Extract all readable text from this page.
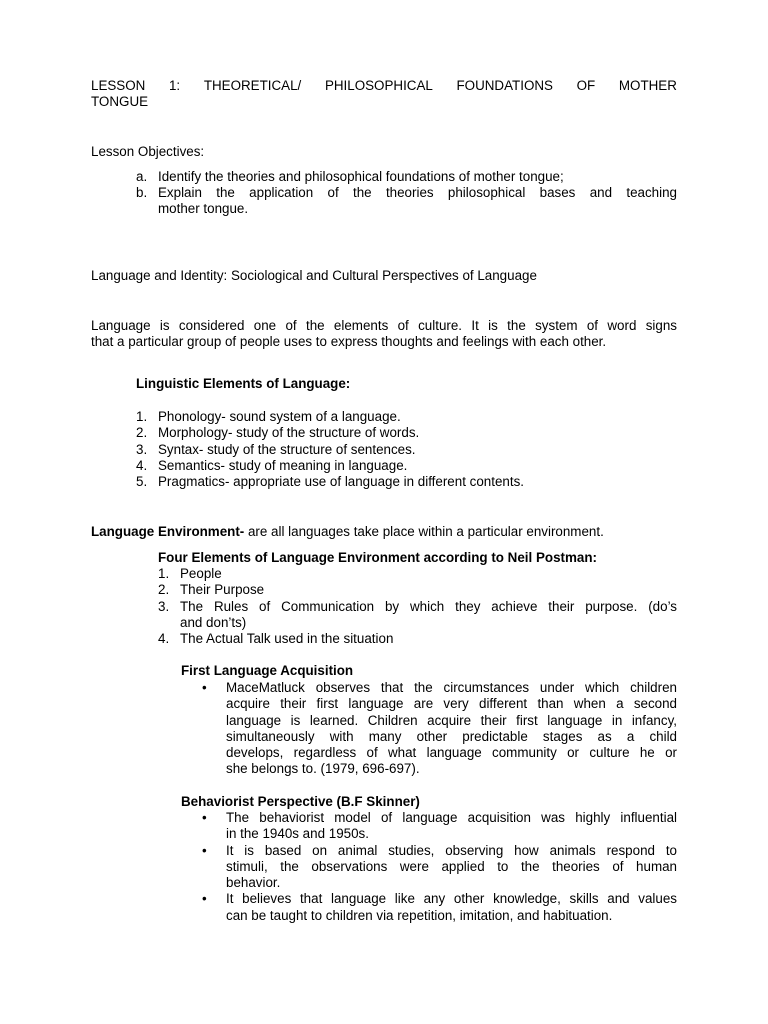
LESSON 1: THEORETICAL/ PHILOSOPHICAL FOUNDATIONS OF MOTHER
TONGUE
Lesson Objectives:
a. Identify the theories and philosophical foundations of mother tongue;
b. Explain the application of the theories philosophical bases and teaching
mother tongue.
Language and Identity: Sociological and Cultural Perspectives of Language
Language is considered one of the elements of culture. It is the system of word signs
that a particular group of people uses to express thoughts and feelings with each other.
Linguistic Elements of Language:
1. Phonology- sound system of a language.
2. Morphology- study of the structure of words.
3. Syntax- study of the structure of sentences.
4. Semantics- study of meaning in language.
5. Pragmatics- appropriate use of language in different contents.
Language Environment- are all languages take place within a particular environment.
Four Elements of Language Environment according to Neil Postman:
1. People
2. Their Purpose
3. The Rules of Communication by which they achieve their purpose. (do’s
and don’ts)
4. The Actual Talk used in the situation
First Language Acquisition
• MaceMatluck observes that the circumstances under which children
acquire their first language are very different than when a second
language is learned. Children acquire their first language in infancy,
simultaneously with many other predictable stages as a child
develops, regardless of what language community or culture he or
she belongs to. (1979, 696-697).
Behaviorist Perspective (B.F Skinner)
• The behaviorist model of language acquisition was highly influential
in the 1940s and 1950s.
• It is based on animal studies, observing how animals respond to
stimuli, the observations were applied to the theories of human
behavior.
• It believes that language like any other knowledge, skills and values
can be taught to children via repetition, imitation, and habituation.
